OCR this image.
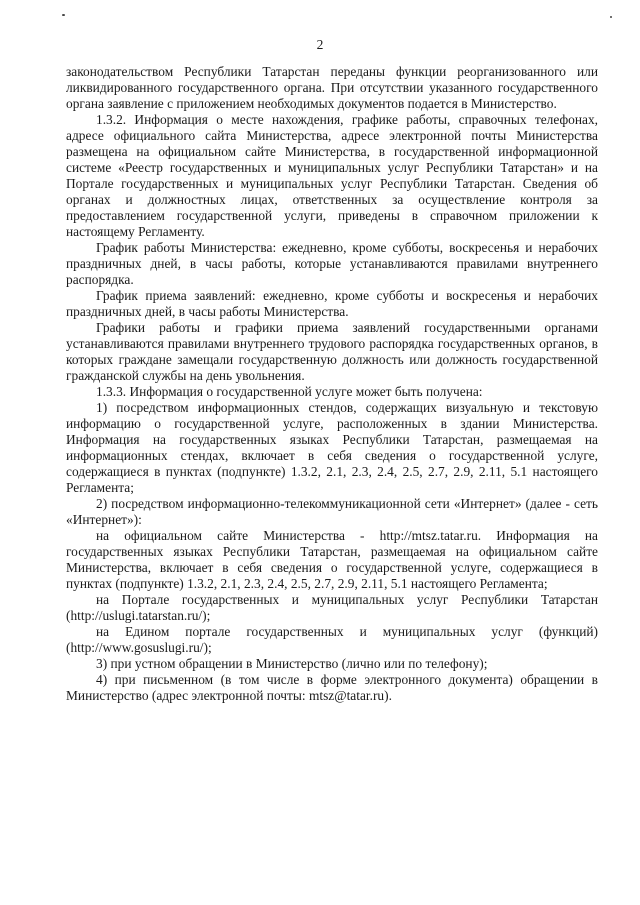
2

законодательством Республики Татарстан переданы функции реорганизованного или ликвидированного государственного органа. При отсутствии указанного государственного органа заявление с приложением необходимых документов подается в Министерство.

1.3.2. Информация о месте нахождения, графике работы, справочных телефонах, адресе официального сайта Министерства, адресе электронной почты Министерства размещена на официальном сайте Министерства, в государственной информационной системе «Реестр государственных и муниципальных услуг Республики Татарстан» и на Портале государственных и муниципальных услуг Республики Татарстан. Сведения об органах и должностных лицах, ответственных за осуществление контроля за предоставлением государственной услуги, приведены в справочном приложении к настоящему Регламенту.

График работы Министерства: ежедневно, кроме субботы, воскресенья и нерабочих праздничных дней, в часы работы, которые устанавливаются правилами внутреннего распорядка.

График приема заявлений: ежедневно, кроме субботы и воскресенья и нерабочих праздничных дней, в часы работы Министерства.

Графики работы и графики приема заявлений государственными органами устанавливаются правилами внутреннего трудового распорядка государственных органов, в которых граждане замещали государственную должность или должность государственной гражданской службы на день увольнения.

1.3.3. Информация о государственной услуге может быть получена:

1) посредством информационных стендов, содержащих визуальную и текстовую информацию о государственной услуге, расположенных в здании Министерства. Информация на государственных языках Республики Татарстан, размещаемая на информационных стендах, включает в себя сведения о государственной услуге, содержащиеся в пунктах (подпункте) 1.3.2, 2.1, 2.3, 2.4, 2.5, 2.7, 2.9, 2.11, 5.1 настоящего Регламента;

2) посредством информационно-телекоммуникационной сети «Интернет» (далее - сеть «Интернет»):

на официальном сайте Министерства - http://mtsz.tatar.ru. Информация на государственных языках Республики Татарстан, размещаемая на официальном сайте Министерства, включает в себя сведения о государственной услуге, содержащиеся в пунктах (подпункте) 1.3.2, 2.1, 2.3, 2.4, 2.5, 2.7, 2.9, 2.11, 5.1 настоящего Регламента;

на Портале государственных и муниципальных услуг Республики Татарстан (http://uslugi.tatarstan.ru/);

на Едином портале государственных и муниципальных услуг (функций) (http://www.gosuslugi.ru/);

3) при устном обращении в Министерство (лично или по телефону);

4) при письменном (в том числе в форме электронного документа) обращении в Министерство (адрес электронной почты: mtsz@tatar.ru).
